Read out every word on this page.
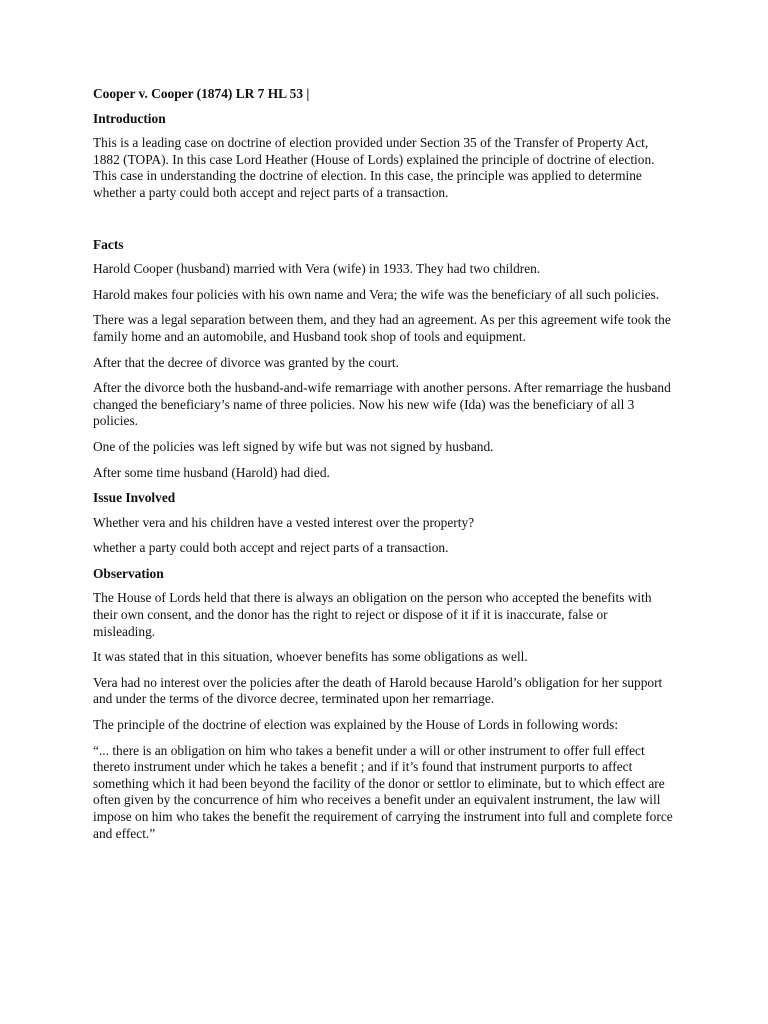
Cooper v. Cooper (1874) LR 7 HL 53 |

Introduction

This is a leading case on doctrine of election provided under Section 35 of the Transfer of Property Act, 1882 (TOPA). In this case Lord Heather (House of Lords) explained the principle of doctrine of election. This case in understanding the doctrine of election. In this case, the principle was applied to determine whether a party could both accept and reject parts of a transaction.

Facts

Harold Cooper (husband) married with Vera (wife) in 1933. They had two children.

Harold makes four policies with his own name and Vera; the wife was the beneficiary of all such policies.

There was a legal separation between them, and they had an agreement. As per this agreement wife took the family home and an automobile, and Husband took shop of tools and equipment.

After that the decree of divorce was granted by the court.

After the divorce both the husband-and-wife remarriage with another persons. After remarriage the husband changed the beneficiary’s name of three policies. Now his new wife (Ida) was the beneficiary of all 3 policies.

One of the policies was left signed by wife but was not signed by husband.

After some time husband (Harold) had died.

Issue Involved

Whether vera and his children have a vested interest over the property?

whether a party could both accept and reject parts of a transaction.

Observation

The House of Lords held that there is always an obligation on the person who accepted the benefits with their own consent, and the donor has the right to reject or dispose of it if it is inaccurate, false or misleading.

It was stated that in this situation, whoever benefits has some obligations as well.

Vera had no interest over the policies after the death of Harold because Harold’s obligation for her support and under the terms of the divorce decree, terminated upon her remarriage.

The principle of the doctrine of election was explained by the House of Lords in following words:

“... there is an obligation on him who takes a benefit under a will or other instrument to offer full effect thereto instrument under which he takes a benefit ; and if it’s found that instrument purports to affect something which it had been beyond the facility of the donor or settlor to eliminate, but to which effect are often given by the concurrence of him who receives a benefit under an equivalent instrument, the law will impose on him who takes the benefit the requirement of carrying the instrument into full and complete force and effect.”
